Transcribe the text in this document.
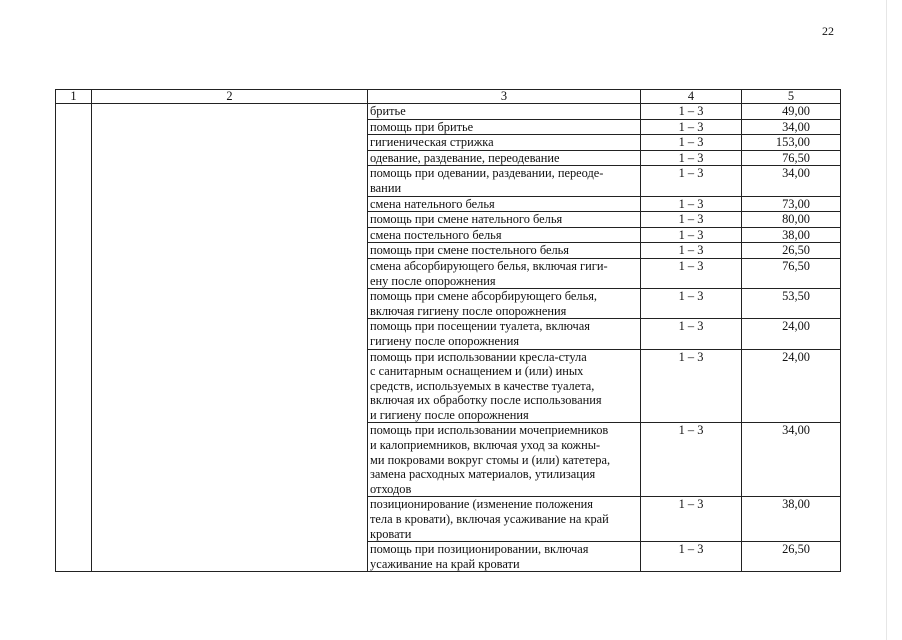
22
1	2	3	4	5

		бритье	1 – 3	49,00

		помощь при бритье	1 – 3	34,00

		гигиеническая стрижка	1 – 3	153,00

		одевание, раздевание, переодевание	1 – 3	76,50

		помощь при одевании, раздевании, переоде-
вании	1 – 3	34,00

		смена нательного белья	1 – 3	73,00

		помощь при смене нательного белья	1 – 3	80,00

		смена постельного белья	1 – 3	38,00

		помощь при смене постельного белья	1 – 3	26,50

		смена абсорбирующего белья, включая гиги-
ену после опорожнения	1 – 3	76,50

		помощь при смене абсорбирующего белья,
включая гигиену после опорожнения	1 – 3	53,50

		помощь при посещении туалета, включая
гигиену после опорожнения	1 – 3	24,00

		помощь при использовании кресла-стула
с санитарным оснащением и (или) иных
средств, используемых в качестве туалета,
включая их обработку после использования
и гигиену после опорожнения	1 – 3	24,00

		помощь при использовании мочеприемников
и калоприемников, включая уход за кожны-
ми покровами вокруг стомы и (или) катетера,
замена расходных материалов, утилизация
отходов	1 – 3	34,00

		позиционирование (изменение положения
тела в кровати), включая усаживание на край
кровати	1 – 3	38,00

		помощь при позиционировании, включая
усаживание на край кровати	1 – 3	26,50
